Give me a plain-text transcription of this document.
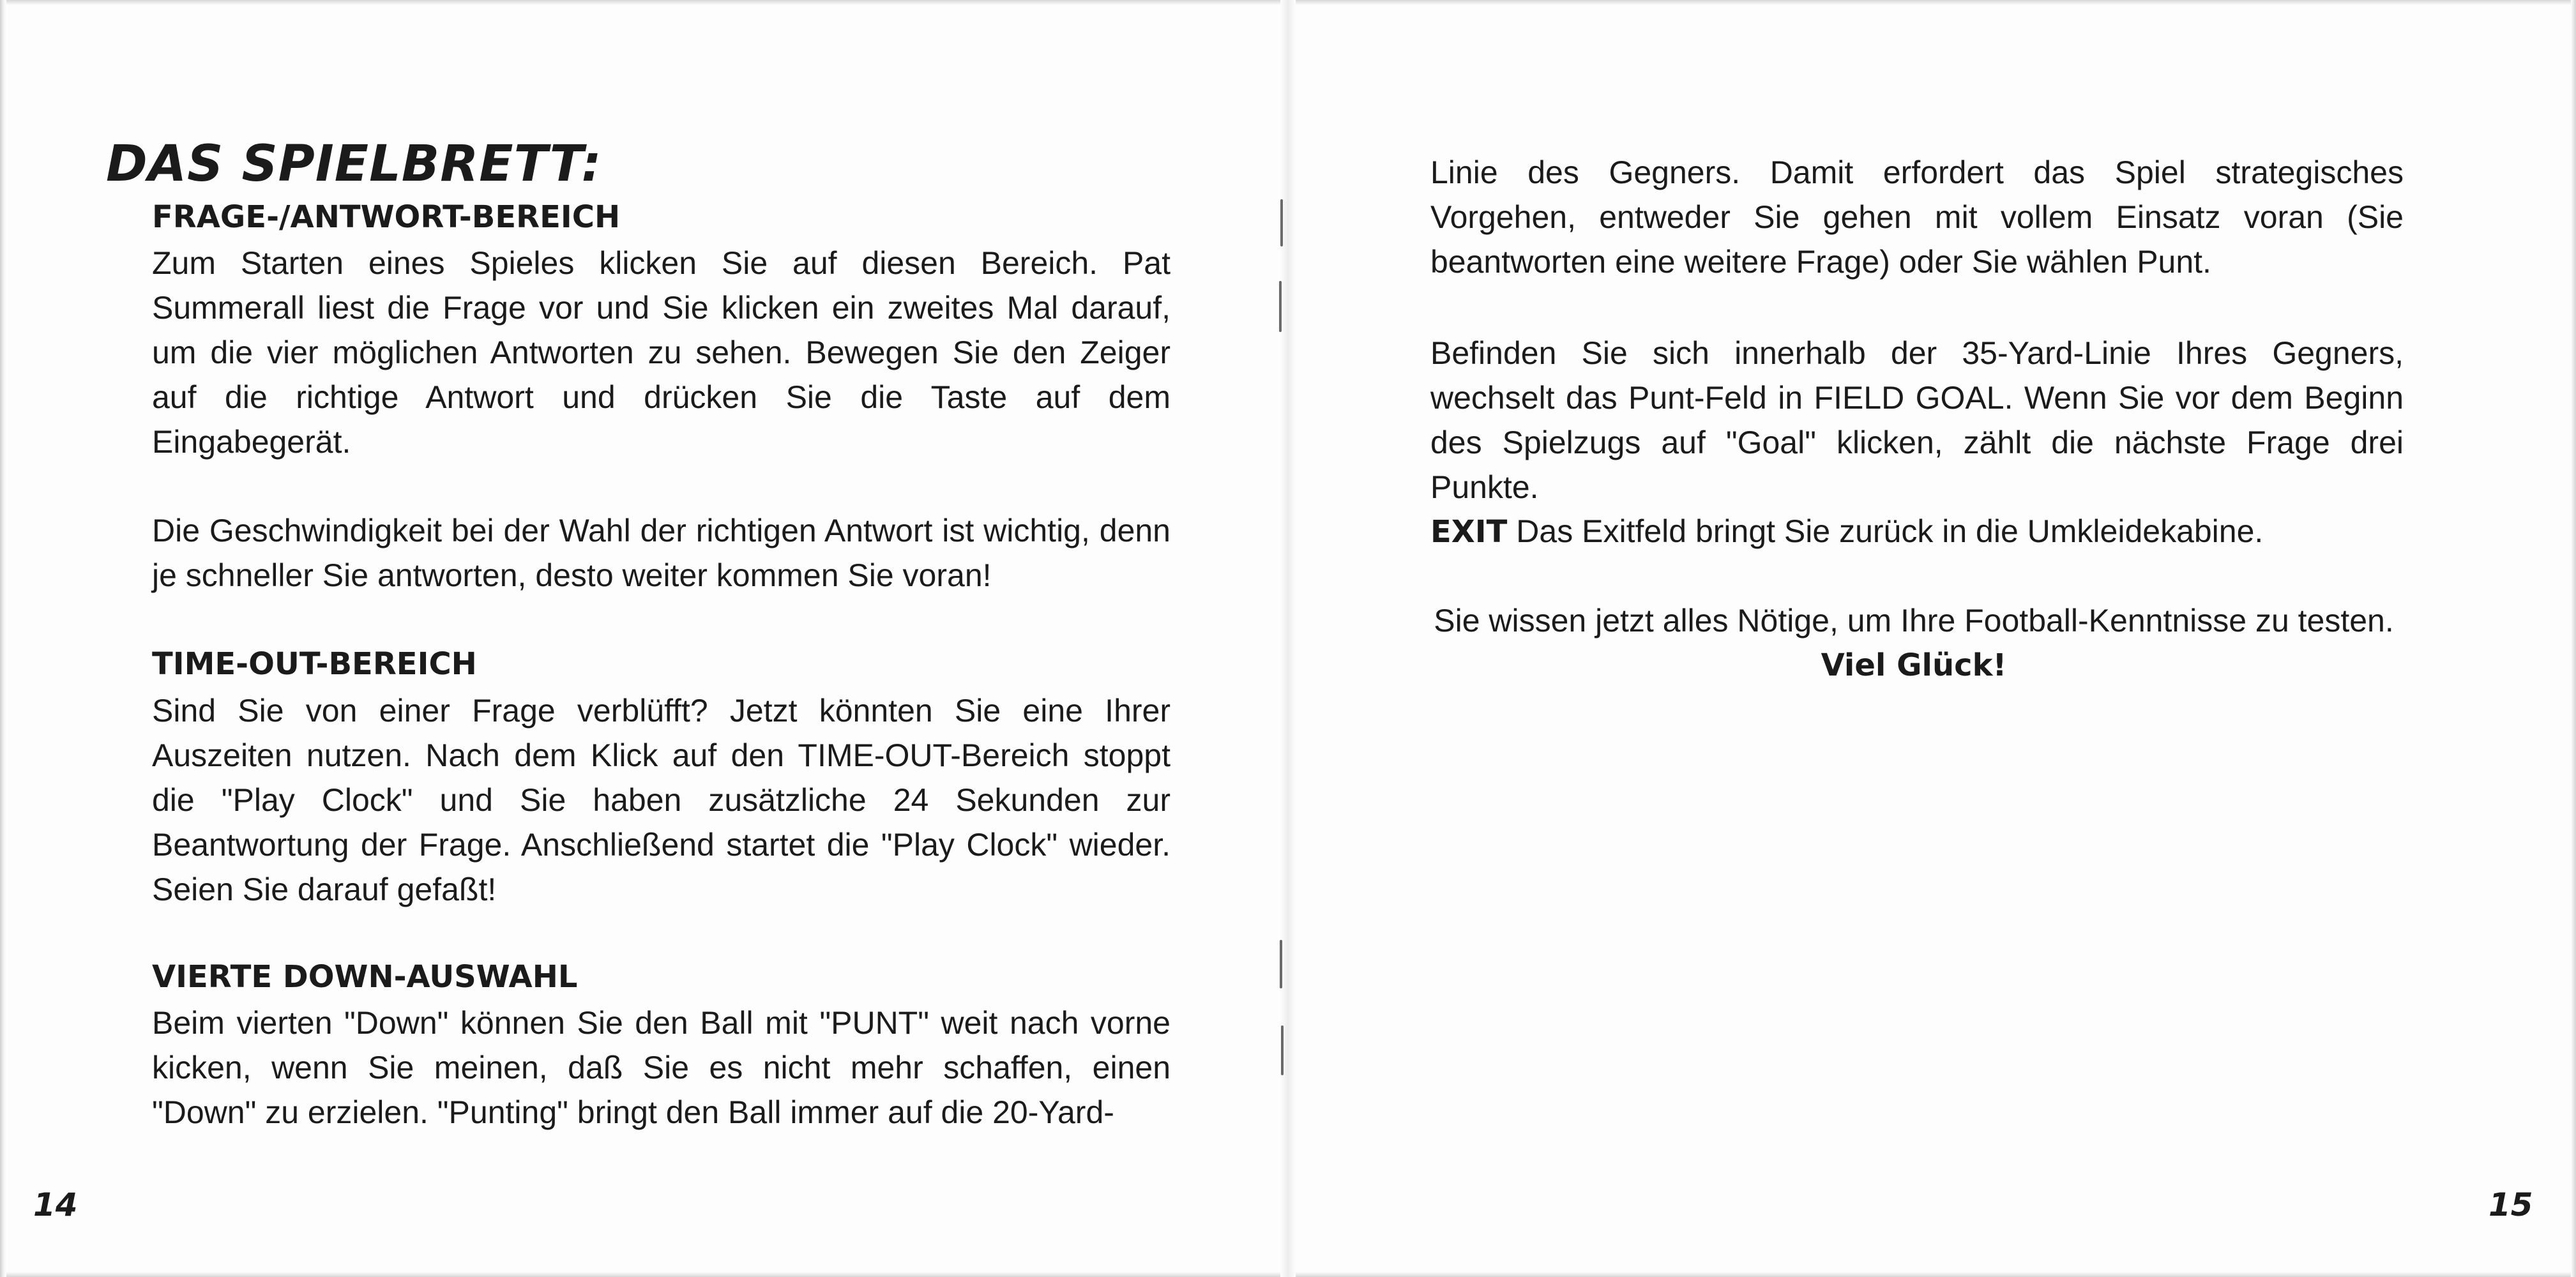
DAS SPIELBRETT:
FRAGE-/ANTWORT-BEREICH

Zum Starten eines Spieles klicken Sie auf diesen Bereich. Pat Summerall liest die Frage vor und Sie klicken ein zweites Mal darauf, um die vier möglichen Antworten zu sehen. Bewegen Sie den Zeiger auf die richtige Antwort und drücken Sie die Taste auf dem Eingabegerät.

Die Geschwindigkeit bei der Wahl der richtigen Antwort ist wichtig, denn je schneller Sie antworten, desto weiter kommen Sie voran!

TIME-OUT-BEREICH

Sind Sie von einer Frage verblüfft? Jetzt könnten Sie eine Ihrer Auszeiten nutzen. Nach dem Klick auf den TIME-OUT-Bereich stoppt die "Play Clock" und Sie haben zusätzliche 24 Sekunden zur Beantwortung der Frage. Anschließend startet die "Play Clock" wieder. Seien Sie darauf gefaßt!

VIERTE DOWN-AUSWAHL

Beim vierten "Down" können Sie den Ball mit "PUNT" weit nach vorne kicken, wenn Sie meinen, daß Sie es nicht mehr schaffen, einen "Down" zu erzielen. "Punting" bringt den Ball immer auf die 20-Yard-

14

Linie des Gegners. Damit erfordert das Spiel strategisches Vorgehen, entweder Sie gehen mit vollem Einsatz voran (Sie beantworten eine weitere Frage) oder Sie wählen Punt.

Befinden Sie sich innerhalb der 35-Yard-Linie Ihres Gegners, wechselt das Punt-Feld in FIELD GOAL. Wenn Sie vor dem Beginn des Spielzugs auf "Goal" klicken, zählt die nächste Frage drei Punkte.

EXIT Das Exitfeld bringt Sie zurück in die Umkleidekabine.

Sie wissen jetzt alles Nötige, um Ihre Football-Kenntnisse zu testen.

Viel Glück!

15
